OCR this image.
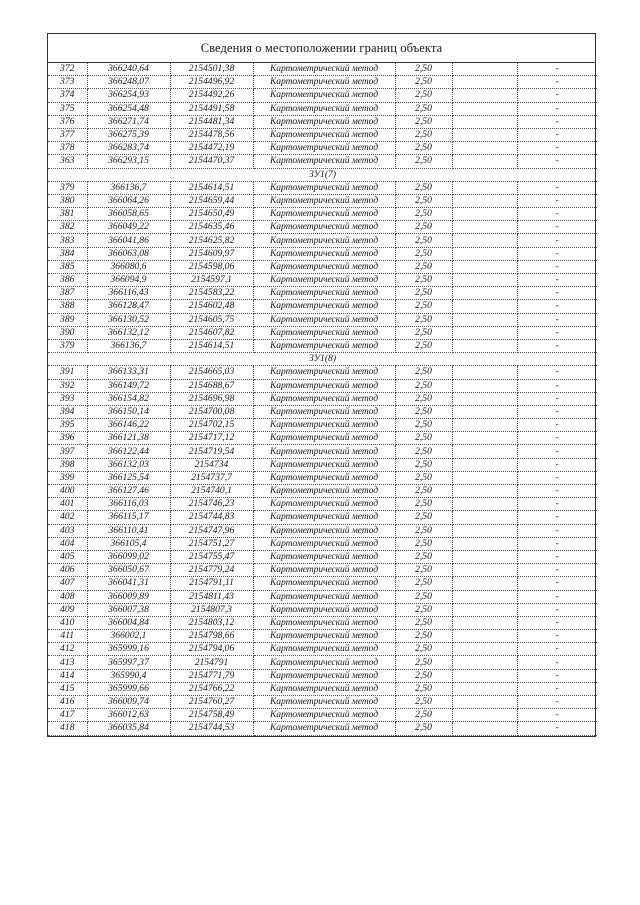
Сведения о местоположении границ объекта
372	366240,64	2154501,38	Картометрический метод	2,50		-
373	366248,07	2154496,92	Картометрический метод	2,50		-
374	366254,93	2154492,26	Картометрический метод	2,50		-
375	366254,48	2154491,58	Картометрический метод	2,50		-
376	366271,74	2154481,34	Картометрический метод	2,50		-
377	366275,39	2154478,56	Картометрический метод	2,50		-
378	366283,74	2154472,19	Картометрический метод	2,50		-
363	366293,15	2154470,37	Картометрический метод	2,50		-
ЗУ1(7)						
379	366136,7	2154614,51	Картометрический метод	2,50		-
380	366064,26	2154659,44	Картометрический метод	2,50		-
381	366058,65	2154650,49	Картометрический метод	2,50		-
382	366049,22	2154635,46	Картометрический метод	2,50		-
383	366041,86	2154625,82	Картометрический метод	2,50		-
384	366063,08	2154609,97	Картометрический метод	2,50		-
385	366080,6	2154598,06	Картометрический метод	2,50		-
386	366094,9	2154597,1	Картометрический метод	2,50		-
387	366116,43	2154583,22	Картометрический метод	2,50		-
388	366128,47	2154602,48	Картометрический метод	2,50		-
389	366130,52	2154605,75	Картометрический метод	2,50		-
390	366132,12	2154607,82	Картометрический метод	2,50		-
379	366136,7	2154614,51	Картометрический метод	2,50		-
ЗУ1(8)						
391	366133,31	2154665,03	Картометрический метод	2,50		-
392	366149,72	2154688,67	Картометрический метод	2,50		-
393	366154,82	2154696,98	Картометрический метод	2,50		-
394	366150,14	2154700,08	Картометрический метод	2,50		-
395	366146,22	2154702,15	Картометрический метод	2,50		-
396	366121,38	2154717,12	Картометрический метод	2,50		-
397	366122,44	2154719,54	Картометрический метод	2,50		-
398	366132,03	2154734	Картометрический метод	2,50		-
399	366125,54	2154737,7	Картометрический метод	2,50		-
400	366127,46	2154740,1	Картометрический метод	2,50		-
401	366116,03	2154746,23	Картометрический метод	2,50		-
402	366115,17	2154744,83	Картометрический метод	2,50		-
403	366110,41	2154747,96	Картометрический метод	2,50		-
404	366105,4	2154751,27	Картометрический метод	2,50		-
405	366099,02	2154755,47	Картометрический метод	2,50		-
406	366050,67	2154779,24	Картометрический метод	2,50		-
407	366041,31	2154791,11	Картометрический метод	2,50		-
408	366009,89	2154811,43	Картометрический метод	2,50		-
409	366007,38	2154807,3	Картометрический метод	2,50		-
410	366004,84	2154803,12	Картометрический метод	2,50		-
411	366002,1	2154798,66	Картометрический метод	2,50		-
412	365999,16	2154794,06	Картометрический метод	2,50		-
413	365997,37	2154791	Картометрический метод	2,50		-
414	365990,4	2154771,79	Картометрический метод	2,50		-
415	365999,66	2154766,22	Картометрический метод	2,50		-
416	366009,74	2154760,27	Картометрический метод	2,50		-
417	366012,63	2154758,49	Картометрический метод	2,50		-
418	366035,84	2154744,53	Картометрический метод	2,50		-
